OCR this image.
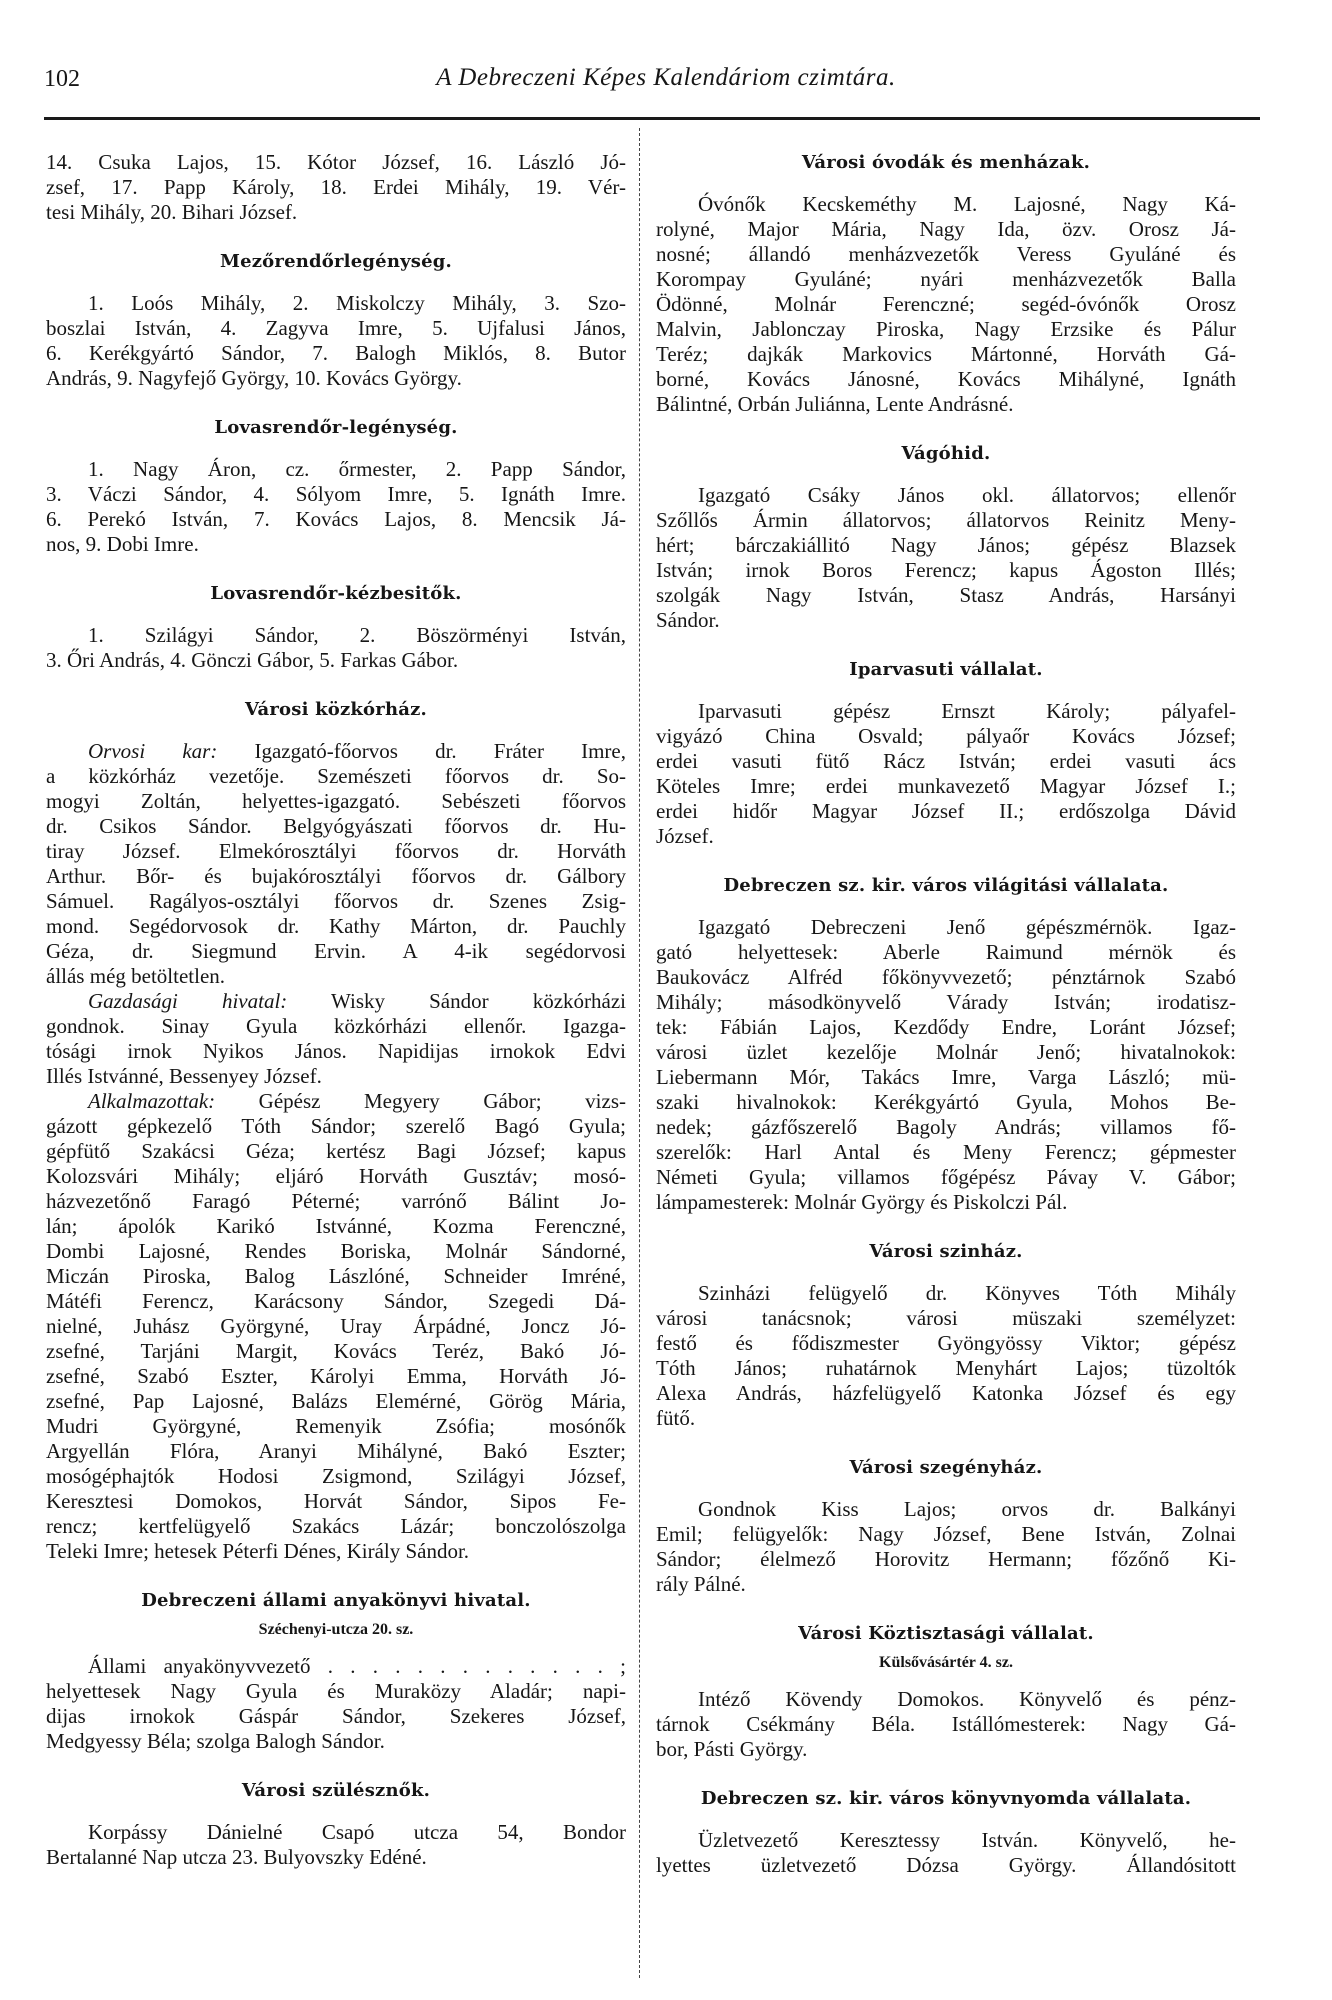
102	A Debreczeni Képes Kalendáriom czimtára.
14. Csuka Lajos, 15. Kótor József, 16. László Jó-
zsef, 17. Papp Károly, 18. Erdei Mihály, 19. Vér-
tesi Mihály, 20. Bihari József.
Mezőrendőrlegénység.
1. Loós Mihály, 2. Miskolczy Mihály, 3. Szo-
boszlai István, 4. Zagyva Imre, 5. Ujfalusi János,
6. Kerékgyártó Sándor, 7. Balogh Miklós, 8. Butor
András, 9. Nagyfejő György, 10. Kovács György.
Lovasrendőr-legénység.
1. Nagy Áron, cz. őrmester, 2. Papp Sándor,
3. Váczi Sándor, 4. Sólyom Imre, 5. Ignáth Imre.
6. Perekó István, 7. Kovács Lajos, 8. Mencsik Já-
nos, 9. Dobi Imre.
Lovasrendőr-kézbesitők.
1. Szilágyi Sándor, 2. Böszörményi István,
3. Őri András, 4. Gönczi Gábor, 5. Farkas Gábor.
Városi közkórház.
Orvosi kar: Igazgató-főorvos dr. Fráter Imre,
a közkórház vezetője. Szemészeti főorvos dr. So-
mogyi Zoltán, helyettes-igazgató. Sebészeti főorvos
dr. Csikos Sándor. Belgyógyászati főorvos dr. Hu-
tiray József. Elmekórosztályi főorvos dr. Horváth
Arthur. Bőr- és bujakórosztályi főorvos dr. Gálbory
Sámuel. Ragályos-osztályi főorvos dr. Szenes Zsig-
mond. Segédorvosok dr. Kathy Márton, dr. Pauchly
Géza, dr. Siegmund Ervin. A 4-ik segédorvosi
állás még betöltetlen.
Gazdasági hivatal: Wisky Sándor közkórházi
gondnok. Sinay Gyula közkórházi ellenőr. Igazga-
tósági irnok Nyikos János. Napidijas irnokok Edvi
Illés Istvánné, Bessenyey József.
Alkalmazottak: Gépész Megyery Gábor; vizs-
gázott gépkezelő Tóth Sándor; szerelő Bagó Gyula;
gépfütő Szakácsi Géza; kertész Bagi József; kapus
Kolozsvári Mihály; eljáró Horváth Gusztáv; mosó-
házvezetőnő Faragó Péterné; varrónő Bálint Jo-
lán; ápolók Karikó Istvánné, Kozma Ferenczné,
Dombi Lajosné, Rendes Boriska, Molnár Sándorné,
Miczán Piroska, Balog Lászlóné, Schneider Imréné,
Mátéfi Ferencz, Karácsony Sándor, Szegedi Dá-
nielné, Juhász Györgyné, Uray Árpádné, Joncz Jó-
zsefné, Tarjáni Margit, Kovács Teréz, Bakó Jó-
zsefné, Szabó Eszter, Károlyi Emma, Horváth Jó-
zsefné, Pap Lajosné, Balázs Elemérné, Görög Mária,
Mudri Györgyné, Remenyik Zsófia; mosónők
Argyellán Flóra, Aranyi Mihályné, Bakó Eszter;
mosógéphajtók Hodosi Zsigmond, Szilágyi József,
Keresztesi Domokos, Horvát Sándor, Sipos Fe-
rencz; kertfelügyelő Szakács Lázár; bonczolószolga
Teleki Imre; hetesek Péterfi Dénes, Király Sándor.
Debreczeni állami anyakönyvi hivatal.
Széchenyi-utcza 20. sz.
Állami anyakönyvvezető . . . . . . . . . . . . . ;
helyettesek Nagy Gyula és Muraközy Aladár; napi-
dijas irnokok Gáspár Sándor, Szekeres József,
Medgyessy Béla; szolga Balogh Sándor.
Városi szülésznők.
Korpássy Dánielné Csapó utcza 54, Bondor
Bertalanné Nap utcza 23. Bulyovszky Edéné.
Városi óvodák és menházak.
Óvónők Kecskeméthy M. Lajosné, Nagy Ká-
rolyné, Major Mária, Nagy Ida, özv. Orosz Já-
nosné; állandó menházvezetők Veress Gyuláné és
Korompay Gyuláné; nyári menházvezetők Balla
Ödönné, Molnár Ferenczné; segéd-óvónők Orosz
Malvin, Jablonczay Piroska, Nagy Erzsike és Pálur
Teréz; dajkák Markovics Mártonné, Horváth Gá-
borné, Kovács Jánosné, Kovács Mihályné, Ignáth
Bálintné, Orbán Juliánna, Lente Andrásné.
Vágóhid.
Igazgató Csáky János okl. állatorvos; ellenőr
Szőllős Ármin állatorvos; állatorvos Reinitz Meny-
hért; bárczakiállitó Nagy János; gépész Blazsek
István; irnok Boros Ferencz; kapus Ágoston Illés;
szolgák Nagy István, Stasz András, Harsányi
Sándor.
Iparvasuti vállalat.
Iparvasuti gépész Ernszt Károly; pályafel-
vigyázó China Osvald; pályaőr Kovács József;
erdei vasuti fütő Rácz István; erdei vasuti ács
Köteles Imre; erdei munkavezető Magyar József I.;
erdei hidőr Magyar József II.; erdőszolga Dávid
József.
Debreczen sz. kir. város világitási vállalata.
Igazgató Debreczeni Jenő gépészmérnök. Igaz-
gató helyettesek: Aberle Raimund mérnök és
Baukovácz Alfréd főkönyvvezető; pénztárnok Szabó
Mihály; másodkönyvelő Várady István; irodatisz-
tek: Fábián Lajos, Kezdődy Endre, Loránt József;
városi üzlet kezelője Molnár Jenő; hivatalnokok:
Liebermann Mór, Takács Imre, Varga László; mü-
szaki hivalnokok: Kerékgyártó Gyula, Mohos Be-
nedek; gázfőszerelő Bagoly András; villamos fő-
szerelők: Harl Antal és Meny Ferencz; gépmester
Németi Gyula; villamos főgépész Pávay V. Gábor;
lámpamesterek: Molnár György és Piskolczi Pál.
Városi szinház.
Szinházi felügyelő dr. Könyves Tóth Mihály
városi tanácsnok; városi müszaki személyzet:
festő és fődiszmester Gyöngyössy Viktor; gépész
Tóth János; ruhatárnok Menyhárt Lajos; tüzoltók
Alexa András, házfelügyelő Katonka József és egy
fütő.
Városi szegényház.
Gondnok Kiss Lajos; orvos dr. Balkányi
Emil; felügyelők: Nagy József, Bene István, Zolnai
Sándor; élelmező Horovitz Hermann; főzőnő Ki-
rály Pálné.
Városi Köztisztasági vállalat.
Külsővásártér 4. sz.
Intéző Kövendy Domokos. Könyvelő és pénz-
tárnok Csékmány Béla. Istállómesterek: Nagy Gá-
bor, Pásti György.
Debreczen sz. kir. város könyvnyomda vállalata.
Üzletvezető Keresztessy István. Könyvelő, he-
lyettes üzletvezető Dózsa György. Állandósitott
